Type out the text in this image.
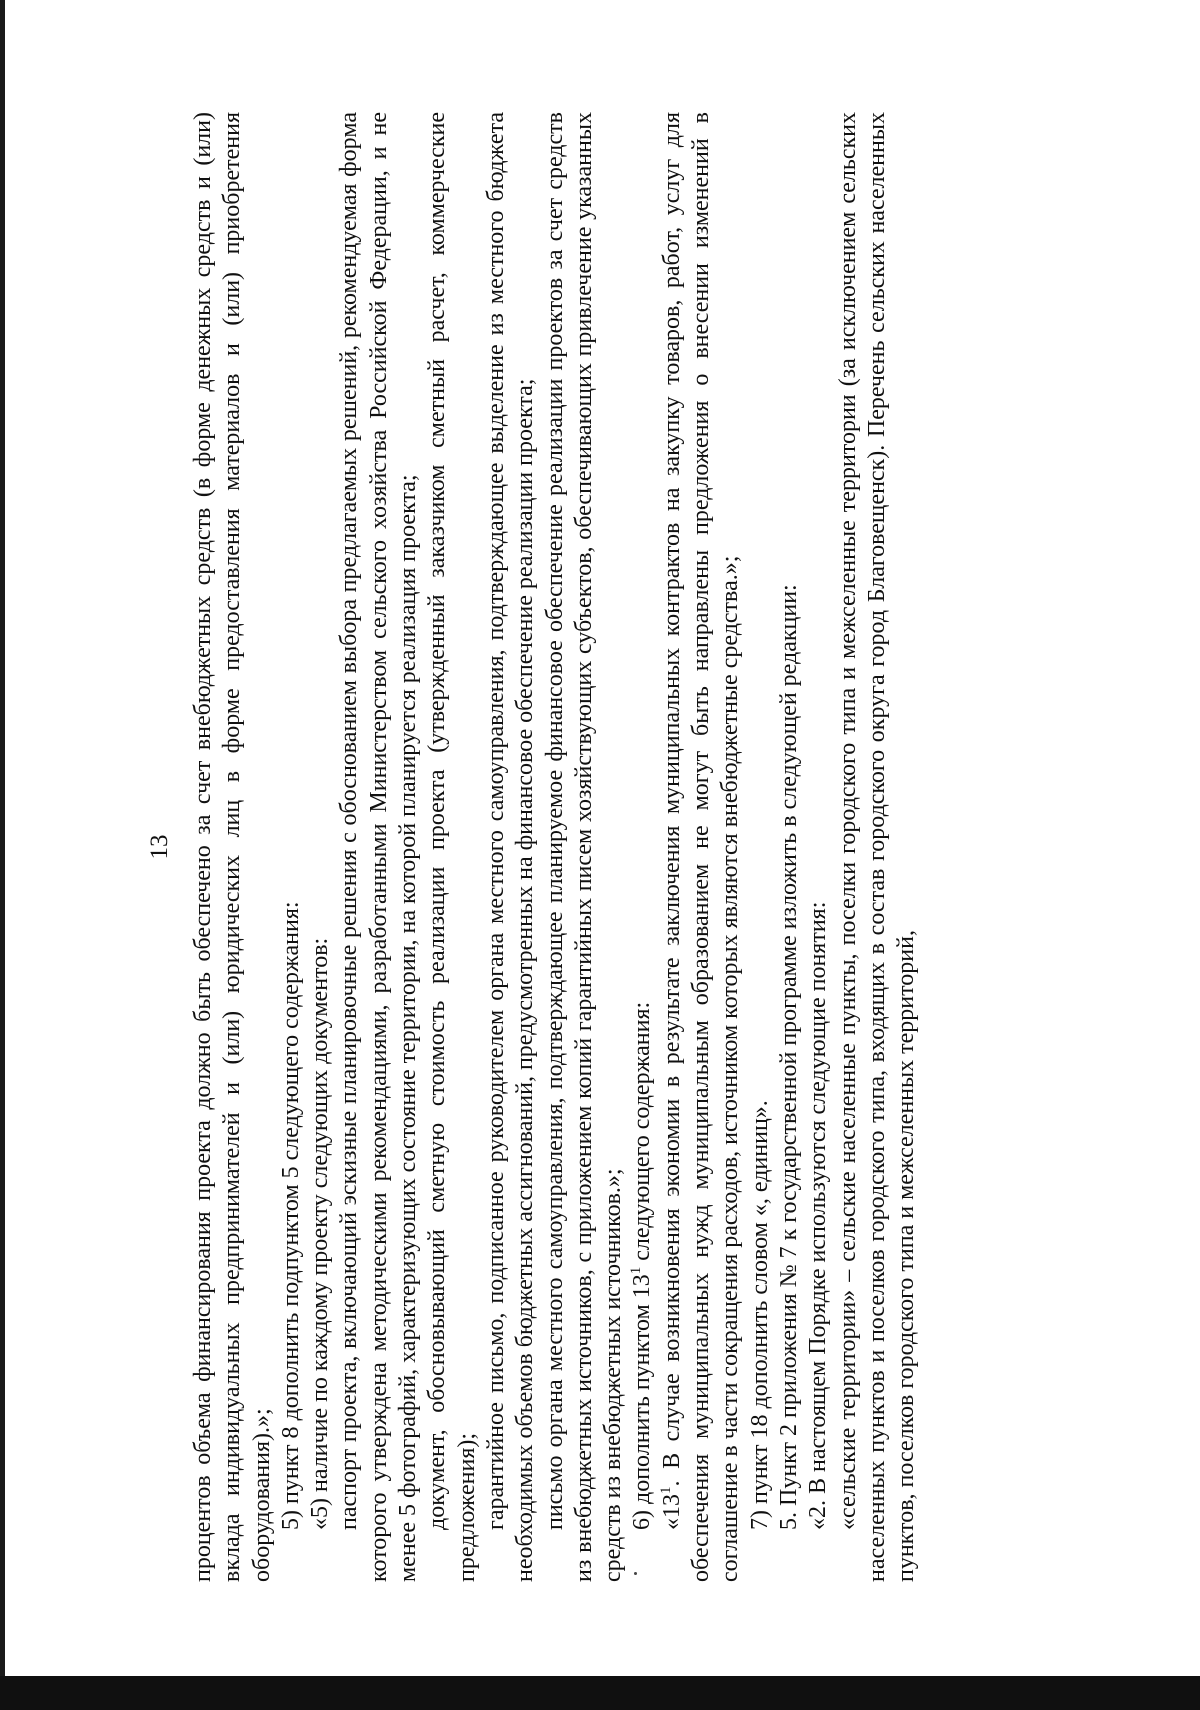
13 процентов объема финансирования проекта должно быть обеспечено за счет внебюджетных средств (в форме денежных средств и (или) вклада индивидуальных предпринимателей и (или) юридических лиц в форме предоставления материалов и (или) приобретения оборудования).»; 5) пункт 8 дополнить подпунктом 5 следующего содержания: «5) наличие по каждому проекту следующих документов: паспорт проекта, включающий эскизные планировочные решения с обоснованием выбора предлагаемых решений, рекомендуемая форма которого утверждена методическими рекомендациями, разработанными Министерством сельского хозяйства Российской Федерации, и не менее 5 фотографий, характеризующих состояние территории, на которой планируется реализация проекта; документ, обосновывающий сметную стоимость реализации проекта (утвержденный заказчиком сметный расчет, коммерческие предложения); гарантийное письмо, подписанное руководителем органа местного самоуправления, подтверждающее выделение из местного бюджета необходимых объемов бюджетных ассигнований, предусмотренных на финансовое обеспечение реализации проекта; письмо органа местного самоуправления, подтверждающее планируемое финансовое обеспечение реализации проектов за счет средств из внебюджетных источников, с приложением копий гарантийных писем хозяйствующих субъектов, обеспечивающих привлечение указанных средств из внебюджетных источников.»; 6) дополнить пунктом $13^1$ следующего содержания:

«$13^1$. В случае возникновения экономии в результате заключения муниципальных контрактов на закупку товаров, работ, услуг для обеспечения муниципальных нужд муниципальным образованием не могут быть направлены предложения о внесении изменений в соглашение в части сокращения расходов, источником которых являются внебюджетные средства.»; 7) пункт 18 дополнить словом «, единиц». 5. Пункт 2 приложения № 7 к государственной программе изложить в следующей редакции: «2. В настоящем Порядке используются следующие понятия: «сельские территории» – сельские населенные пункты, поселки городского типа и межселенные территории (за исключением сельских населенных пунктов и поселков городского типа, входящих в состав городского округа город Благовещенск). Перечень сельских населенных пунктов, поселков городского типа и межселенных территорий,
